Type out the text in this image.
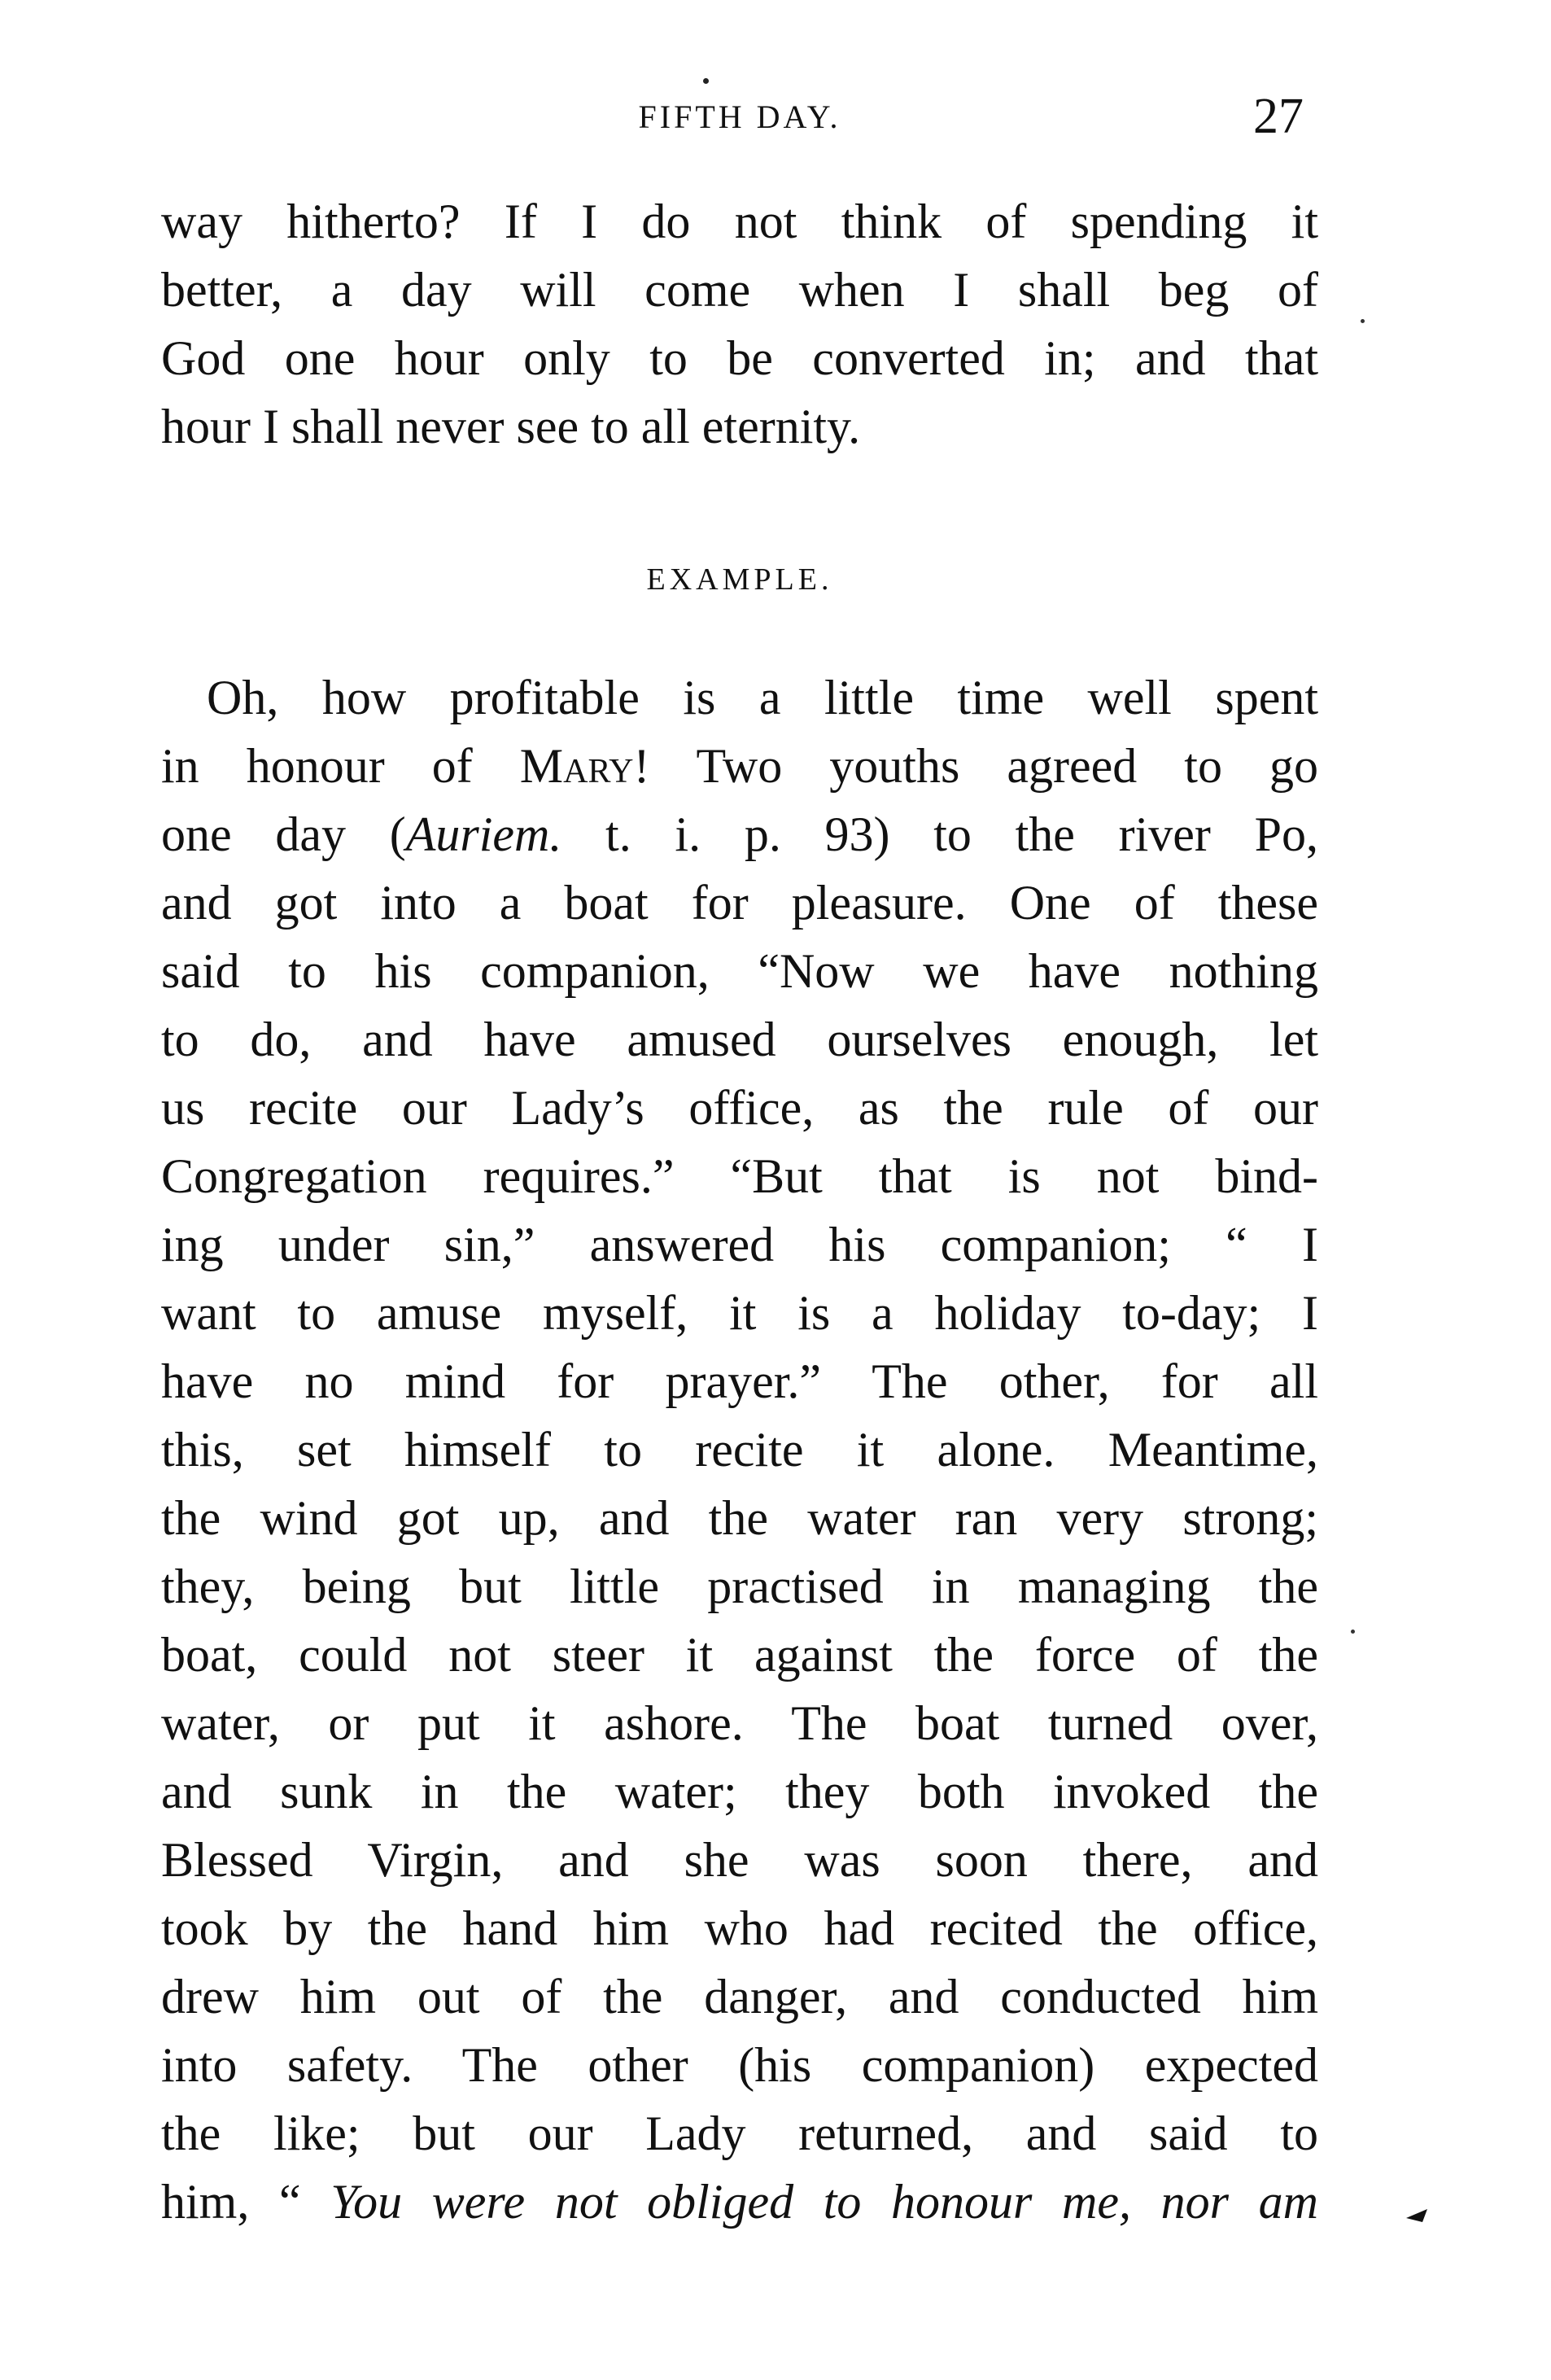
FIFTH DAY.	27
way hitherto? If I do not think of spending it
better, a day will come when I shall beg of
God one hour only to be converted in; and that
hour I shall never see to all eternity.
EXAMPLE.
Oh, how profitable is a little time well spent
in honour of Mary! Two youths agreed to go
one day (Auriem. t. i. p. 93) to the river Po,
and got into a boat for pleasure. One of these
said to his companion, “Now we have nothing
to do, and have amused ourselves enough, let
us recite our Lady’s office, as the rule of our
Congregation requires.” “But that is not bind-
ing under sin,” answered his companion; “ I
want to amuse myself, it is a holiday to-day; I
have no mind for prayer.” The other, for all
this, set himself to recite it alone. Meantime,
the wind got up, and the water ran very strong;
they, being but little practised in managing the
boat, could not steer it against the force of the
water, or put it ashore. The boat turned over,
and sunk in the water; they both invoked the
Blessed Virgin, and she was soon there, and
took by the hand him who had recited the office,
drew him out of the danger, and conducted him
into safety. The other (his companion) expected
the like; but our Lady returned, and said to
him, “ You were not obliged to honour me, nor am
